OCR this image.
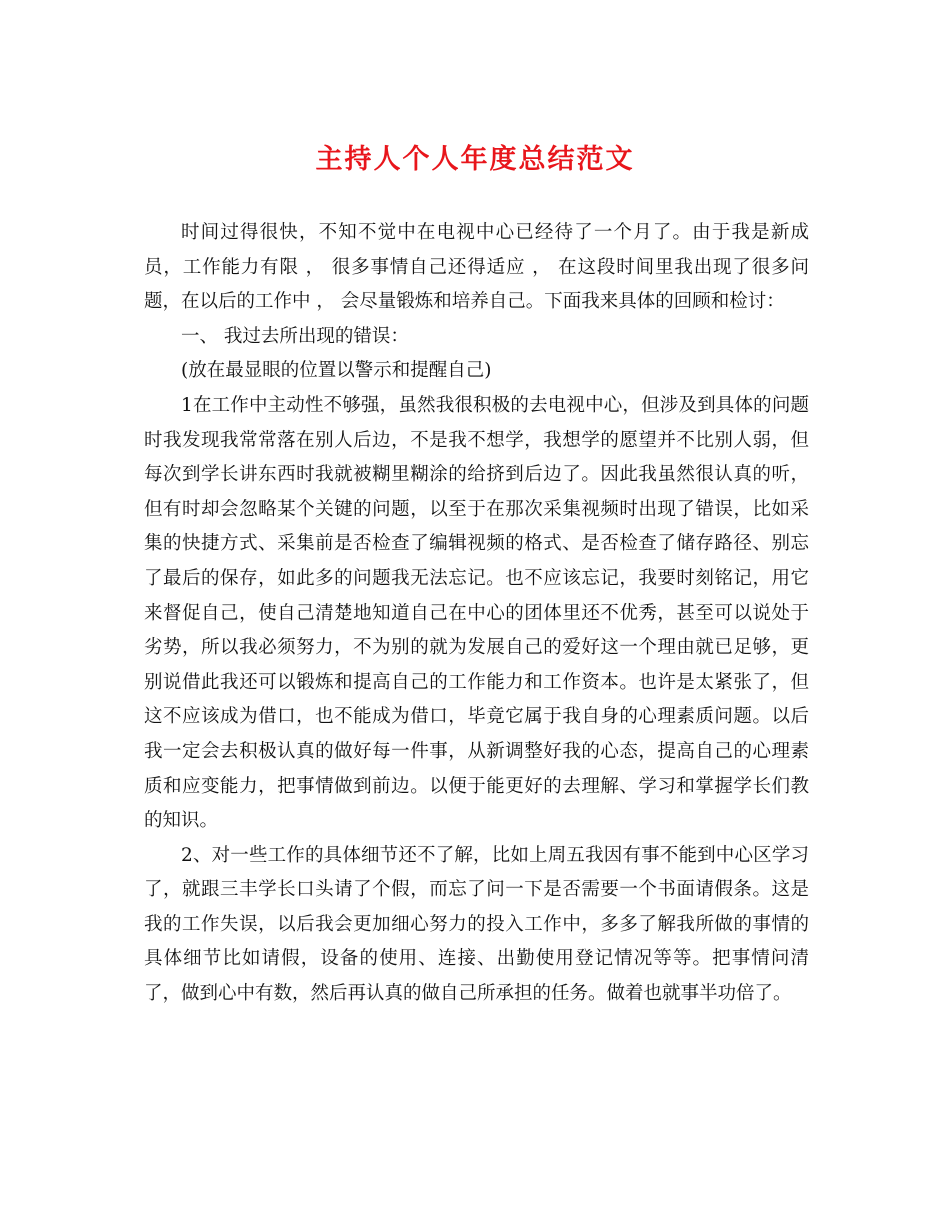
主持人个人年度总结范文

时间过得很快，不知不觉中在电视中心已经待了一个月了。由于我是新成员，工作能力有限 ， 很多事情自己还得适应 ， 在这段时间里我出现了很多问题，在以后的工作中 ， 会尽量锻炼和培养自己。下面我来具体的回顾和检讨：

一、 我过去所出现的错误：

(放在最显眼的位置以警示和提醒自己)

1在工作中主动性不够强，虽然我很积极的去电视中心，但涉及到具体的问题时我发现我常常落在别人后边，不是我不想学，我想学的愿望并不比别人弱，但每次到学长讲东西时我就被糊里糊涂的给挤到后边了。因此我虽然很认真的听，但有时却会忽略某个关键的问题，以至于在那次采集视频时出现了错误，比如采集的快捷方式、采集前是否检查了编辑视频的格式、是否检查了储存路径、别忘了最后的保存，如此多的问题我无法忘记。也不应该忘记，我要时刻铭记，用它来督促自己，使自己清楚地知道自己在中心的团体里还不优秀，甚至可以说处于劣势，所以我必须努力，不为别的就为发展自己的爱好这一个理由就已足够，更别说借此我还可以锻炼和提高自己的工作能力和工作资本。也许是太紧张了，但这不应该成为借口，也不能成为借口，毕竟它属于我自身的心理素质问题。以后我一定会去积极认真的做好每一件事，从新调整好我的心态，提高自己的心理素质和应变能力，把事情做到前边。以便于能更好的去理解、学习和掌握学长们教的知识。

2、对一些工作的具体细节还不了解，比如上周五我因有事不能到中心区学习了，就跟三丰学长口头请了个假，而忘了问一下是否需要一个书面请假条。这是我的工作失误，以后我会更加细心努力的投入工作中，多多了解我所做的事情的具体细节比如请假，设备的使用、连接、出勤使用登记情况等等。把事情问清了，做到心中有数，然后再认真的做自己所承担的任务。做着也就事半功倍了。
